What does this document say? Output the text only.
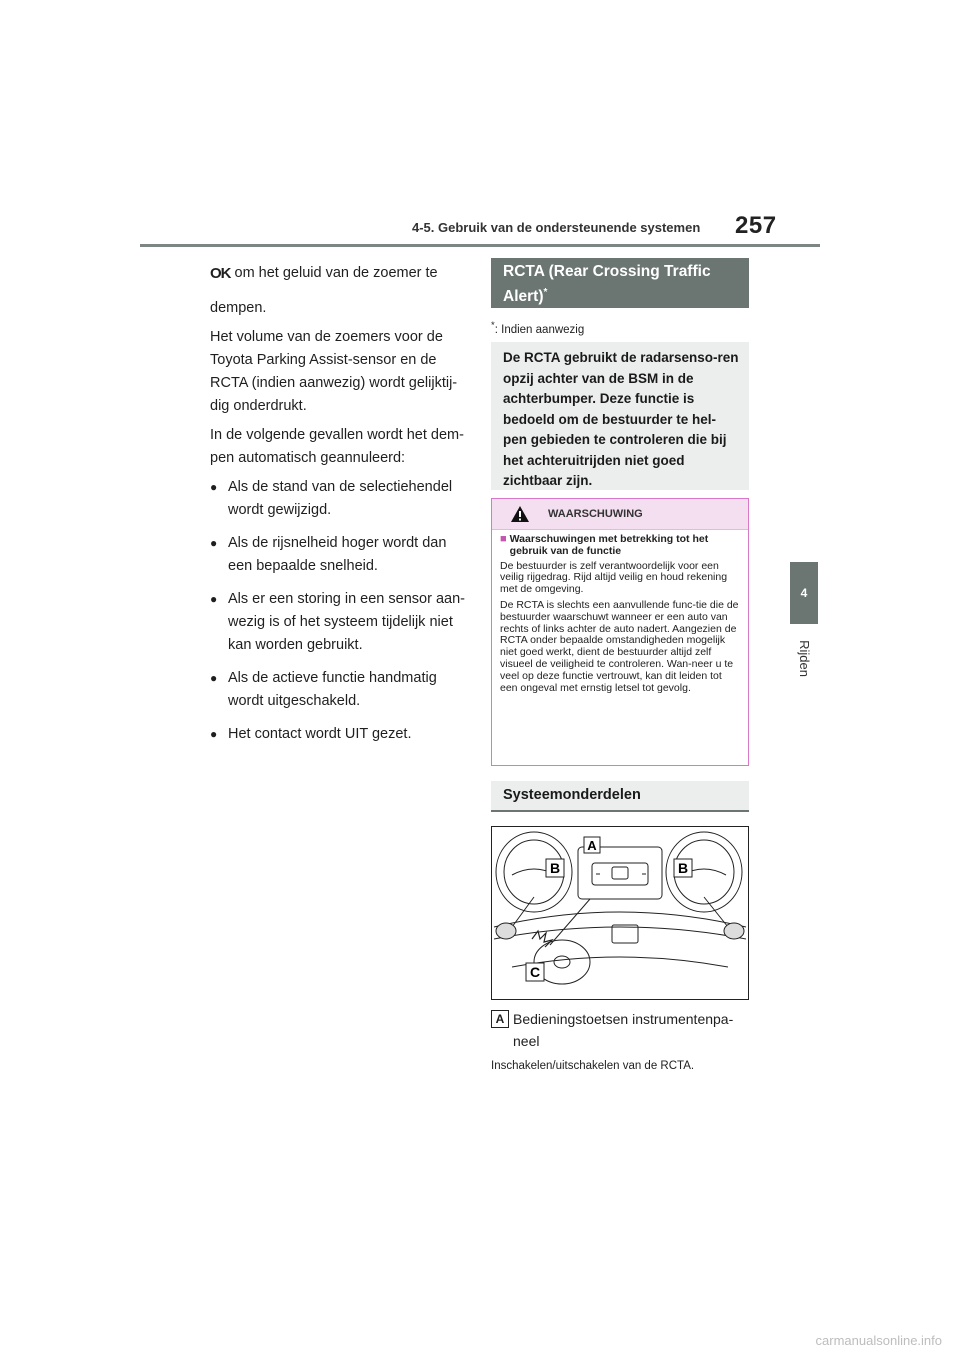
4-5. Gebruik van de ondersteunende systemen 257
4
Rijden

OK om het geluid van de zoemer te

dempen.

Het volume van de zoemers voor de Toyota Parking Assist-sensor en de RCTA (indien aanwezig) wordt gelijktij-dig onderdrukt.

In de volgende gevallen wordt het dem-pen automatisch geannuleerd:

● Als de stand van de selectiehendel wordt gewijzigd.
● Als de rijsnelheid hoger wordt dan een bepaalde snelheid.
● Als er een storing in een sensor aan-wezig is of het systeem tijdelijk niet kan worden gebruikt.
● Als de actieve functie handmatig wordt uitgeschakeld.
● Het contact wordt UIT gezet.
RCTA (Rear Crossing Traffic Alert)*
*: Indien aanwezig
De RCTA gebruikt de radarsenso-ren opzij achter van de BSM in de achterbumper. Deze functie is bedoeld om de bestuurder te hel-pen gebieden te controleren die bij het achteruitrijden niet goed zichtbaar zijn.
WAARSCHUWING
■ Waarschuwingen met betrekking tot het gebruik van de functie

De bestuurder is zelf verantwoordelijk voor een veilig rijgedrag. Rijd altijd veilig en houd rekening met de omgeving.

De RCTA is slechts een aanvullende func-tie die de bestuurder waarschuwt wanneer er een auto van rechts of links achter de auto nadert. Aangezien de RCTA onder bepaalde omstandigheden mogelijk niet goed werkt, dient de bestuurder altijd zelf visueel de veiligheid te controleren. Wan-neer u te veel op deze functie vertrouwt, kan dit leiden tot een ongeval met ernstig letsel tot gevolg.

Systeemonderdelen
A
B	B
C
A Bedieningstoetsen instrumentenpa-
neel
Inschakelen/uitschakelen van de RCTA.
carmanualsonline.info
